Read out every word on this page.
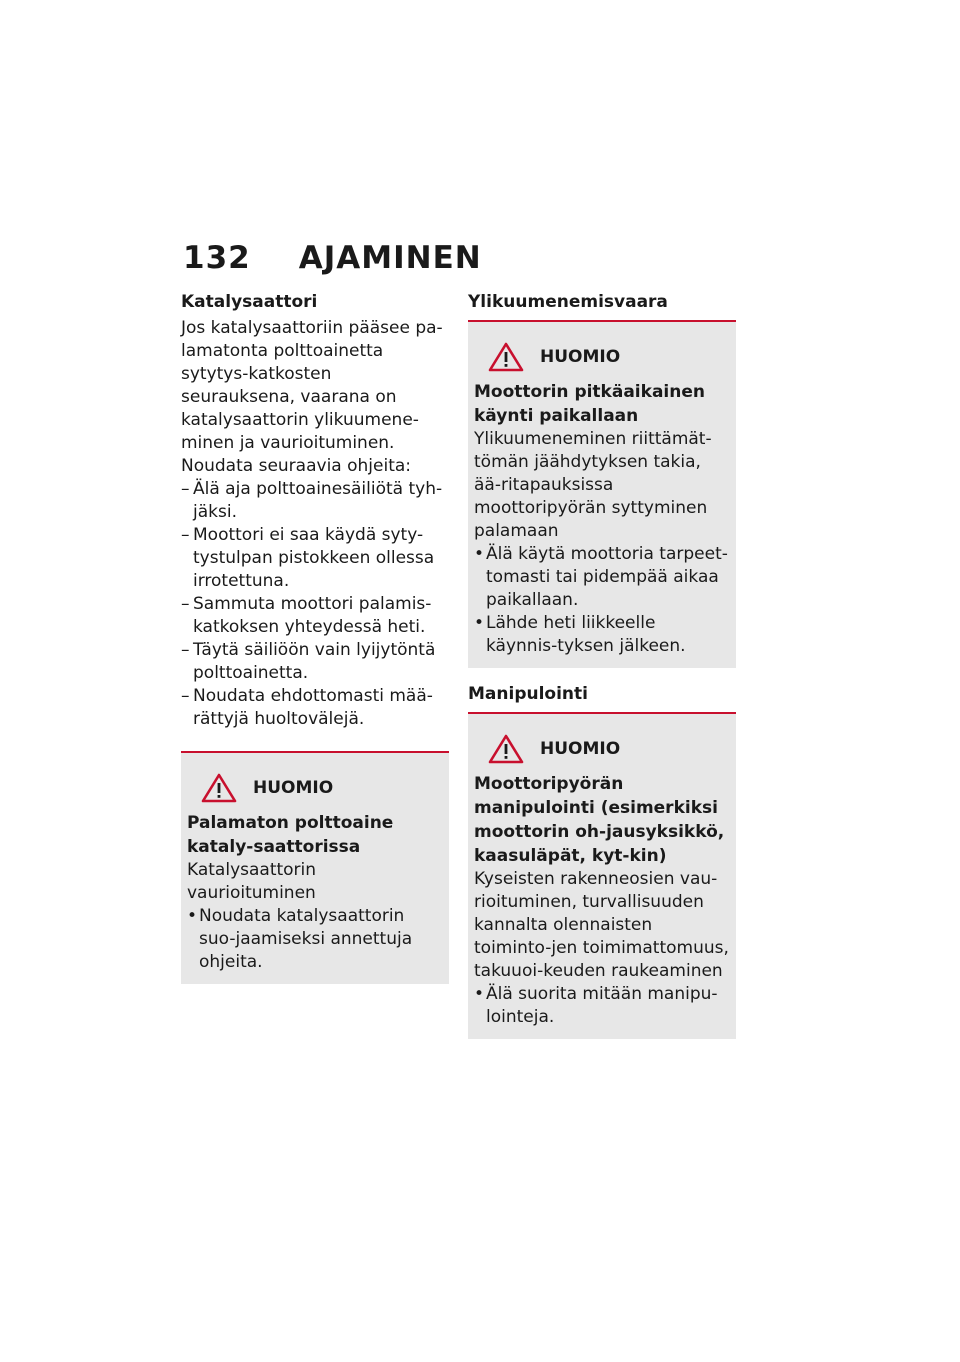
132 AJAMINEN
Katalysaattori
Jos katalysaattoriin pääsee pa-lamatonta polttoainetta sytytys-katkosten seurauksena, vaarana on katalysaattorin ylikuumene-minen ja vaurioituminen.
Noudata seuraavia ohjeita:
– Älä aja polttoainesäiliötä tyh-jäksi.
– Moottori ei saa käydä syty-tystulpan pistokkeen ollessa irrotettuna.
– Sammuta moottori palamis-katkoksen yhteydessä heti.
– Täytä säiliöön vain lyijytöntä polttoainetta.
– Noudata ehdottomasti mää-rättyjä huoltovälejä.
HUOMIO
Palamaton polttoaine kataly-saattorissa
Katalysaattorin vaurioituminen
• Noudata katalysaattorin suo-jaamiseksi annettuja ohjeita.
Ylikuumenemisvaara
HUOMIO
Moottorin pitkäaikainen käynti paikallaan
Ylikuumeneminen riittämät-tömän jäähdytyksen takia, ää-ritapauksissa moottoripyörän syttyminen palamaan
• Älä käytä moottoria tarpeet-tomasti tai pidempää aikaa paikallaan.
• Lähde heti liikkeelle käynnis-tyksen jälkeen.
Manipulointi
HUOMIO
Moottoripyörän manipulointi (esimerkiksi moottorin oh-jausyksikkö, kaasuläpät, kyt-kin)
Kyseisten rakenneosien vau-rioituminen, turvallisuuden kannalta olennaisten toiminto-jen toimimattomuus, takuuoi-keuden raukeaminen
• Älä suorita mitään manipu-lointeja.
